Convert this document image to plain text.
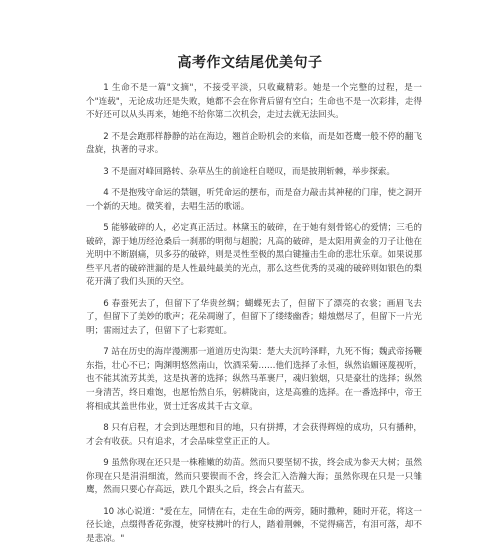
高考作文结尾优美句子

1 生命不是一篇"文摘"，不接受平淡，只收藏精彩。她是一个完整的过程，是一个"连载"，无论成功还是失败，她都不会在你背后留有空白；生命也不是一次彩排，走得不好还可以从头再来，她绝不给你第二次机会，走过去就无法回头。

2 不是会跑那样静静的站在海边，翘首企盼机会的来临，而是如苍鹰一般不停的翻飞盘旋，执著的寻求。

3 不是面对峰回路转、杂草丛生的前途枉自嗟叹，而是披荆斩棘，举步探索。

4 不是抱残守命运的禁锢，听凭命运的摆布，而是奋力敲击其神秘的门扉，使之洞开一个新的天地。微笑着，去唱生活的歌谣。

5 能够破碎的人，必定真正活过。林黛玉的破碎，在于她有刻骨铭心的爱情；三毛的破碎，源于她历经沧桑后一刹那的明彻与超脱；凡高的破碎，是太阳用黄金的刀子让他在光明中不断剧痛，贝多芬的破碎，则是灵性至极的黑白键撞击生命的悲壮乐章。如果说那些平凡者的破碎泄漏的是人性最纯最美的光点，那么这些优秀的灵魂的破碎则如银色的梨花开满了我们头顶的天空。

6 春蚕死去了，但留下了华贵丝绸；蝴蝶死去了，但留下了漂亮的衣裳；画眉飞去了，但留下了美妙的歌声；花朵凋谢了，但留下了缕缕幽香；蜡烛燃尽了，但留下一片光明；雷雨过去了，但留下了七彩霓虹。

7 站在历史的海岸漫溯那一道道历史沟渠：楚大夫沉吟泽畔，九死不悔；魏武帝扬鞭东指，壮心不已；陶渊明悠然南山，饮酒采菊……他们选择了永恒，纵然谄媚诬蔑视听，也不能其流芳其美，这是执著的选择；纵然马革裹尸，魂归狼烟，只是豪壮的选择；纵然一身清苦，终日难饱，也愿怡然自乐，躬耕陇亩，这是高雅的选择。在一番选择中，帝王将相成其盖世伟业，贤士迁客成其千古文章。

8 只有启程，才会到达理想和目的地，只有拼搏，才会获得辉煌的成功，只有播种，才会有收获。只有追求，才会品味堂堂正正的人。

9 虽然你现在还只是一株稚嫩的幼苗。然而只要坚韧不拔，终会成为参天大树；虽然你现在只是涓涓细流，然而只要锲而不舍，终会汇入浩瀚大海；虽然你现在只是一只雏鹰，然而只要心存高远，跌几个跟头之后，终会占有蓝天。

10 冰心说道："爱在左，同情在右，走在生命的两旁，随时撒种，随时开花，将这一径长途，点缀得香花弥漫，使穿枝拂叶的行人，踏着荆棘，不觉得痛苦，有泪可落，却不是悲凉。"
